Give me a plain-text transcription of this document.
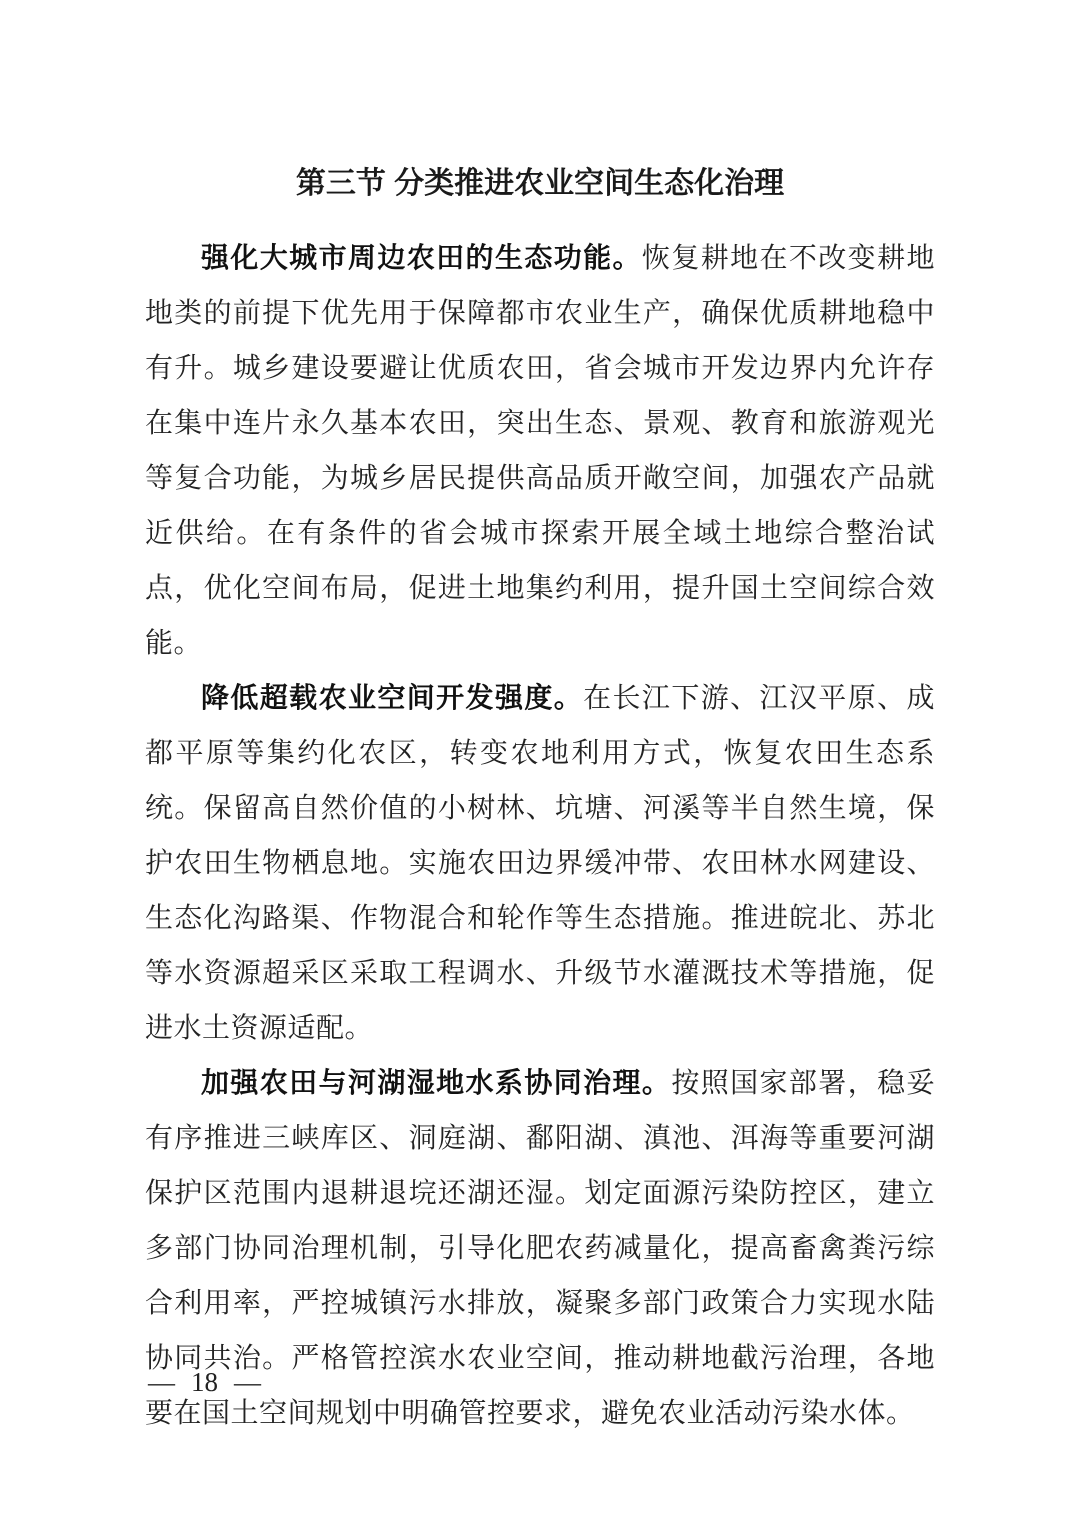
第三节 分类推进农业空间生态化治理

强化大城市周边农田的生态功能。恢复耕地在不改变耕地地类的前提下优先用于保障都市农业生产，确保优质耕地稳中有升。城乡建设要避让优质农田，省会城市开发边界内允许存在集中连片永久基本农田，突出生态、景观、教育和旅游观光等复合功能，为城乡居民提供高品质开敞空间，加强农产品就近供给。在有条件的省会城市探索开展全域土地综合整治试点，优化空间布局，促进土地集约利用，提升国土空间综合效能。

降低超载农业空间开发强度。在长江下游、江汉平原、成都平原等集约化农区，转变农地利用方式，恢复农田生态系统。保留高自然价值的小树林、坑塘、河溪等半自然生境，保护农田生物栖息地。实施农田边界缓冲带、农田林水网建设、生态化沟路渠、作物混合和轮作等生态措施。推进皖北、苏北等水资源超采区采取工程调水、升级节水灌溉技术等措施，促进水土资源适配。

加强农田与河湖湿地水系协同治理。按照国家部署，稳妥有序推进三峡库区、洞庭湖、鄱阳湖、滇池、洱海等重要河湖保护区范围内退耕退垸还湖还湿。划定面源污染防控区，建立多部门协同治理机制，引导化肥农药减量化，提高畜禽粪污综合利用率，严控城镇污水排放，凝聚多部门政策合力实现水陆协同共治。严格管控滨水农业空间，推动耕地截污治理，各地要在国土空间规划中明确管控要求，避免农业活动污染水体。

— 18 —
